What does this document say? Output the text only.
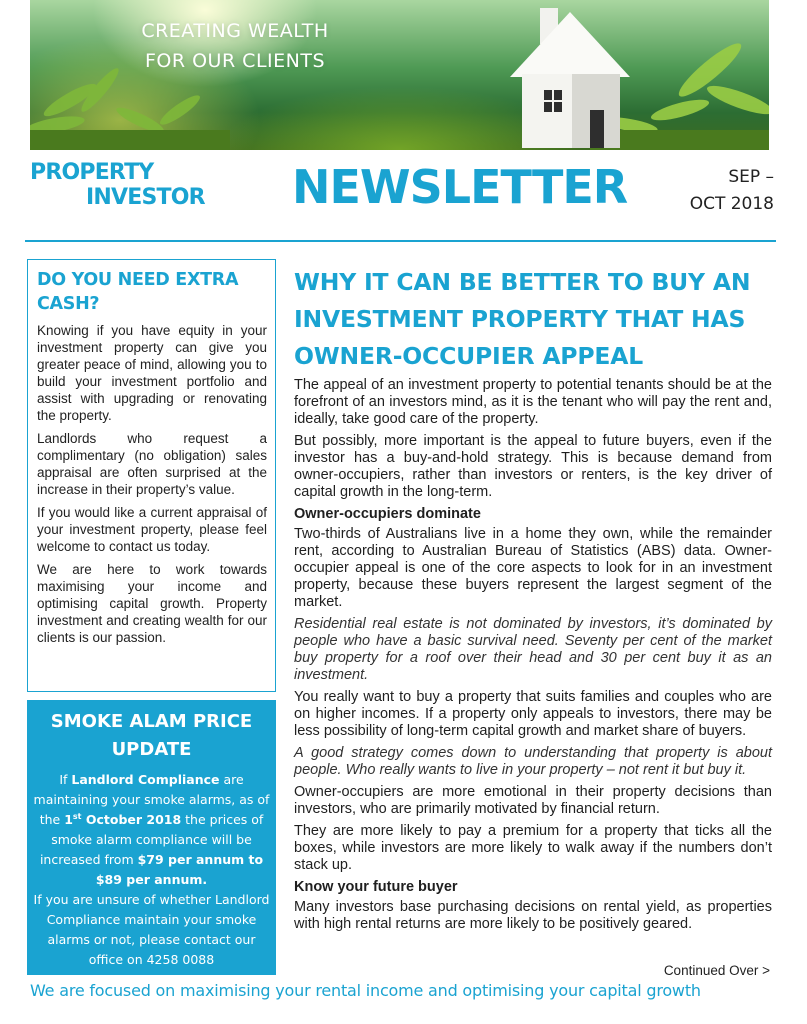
CREATING WEALTH
FOR OUR CLIENTS
PROPERTY
INVESTOR	NEWSLETTER	SEP –
OCT 2018
DO YOU NEED EXTRA CASH?

Knowing if you have equity in your investment property can give you greater peace of mind, allowing you to build your investment portfolio and assist with upgrading or renovating the property.

Landlords who request a complimentary (no obligation) sales appraisal are often surprised at the increase in their property’s value.

If you would like a current appraisal of your investment property, please feel welcome to contact us today.

We are here to work towards maximising your income and optimising capital growth. Property investment and creating wealth for our clients is our passion.

SMOKE ALAM PRICE
UPDATE

If Landlord Compliance are maintaining your smoke alarms, as of the 1st October 2018 the prices of smoke alarm compliance will be increased from $79 per annum to $89 per annum.

If you are unsure of whether Landlord Compliance maintain your smoke alarms or not, please contact our office on 4258 0088

WHY IT CAN BE BETTER TO BUY AN INVESTMENT PROPERTY THAT HAS OWNER-OCCUPIER APPEAL

The appeal of an investment property to potential tenants should be at the forefront of an investors mind, as it is the tenant who will pay the rent and, ideally, take good care of the property.

But possibly, more important is the appeal to future buyers, even if the investor has a buy-and-hold strategy. This is because demand from owner-occupiers, rather than investors or renters, is the key driver of capital growth in the long-term.

Owner-occupiers dominate

Two-thirds of Australians live in a home they own, while the remainder rent, according to Australian Bureau of Statistics (ABS) data. Owner-occupier appeal is one of the core aspects to look for in an investment property, because these buyers represent the largest segment of the market.

Residential real estate is not dominated by investors, it’s dominated by people who have a basic survival need. Seventy per cent of the market buy property for a roof over their head and 30 per cent buy it as an investment.

You really want to buy a property that suits families and couples who are on higher incomes. If a property only appeals to investors, there may be less possibility of long-term capital growth and market share of buyers.

A good strategy comes down to understanding that property is about people. Who really wants to live in your property – not rent it but buy it.

Owner-occupiers are more emotional in their property decisions than investors, who are primarily motivated by financial return.

They are more likely to pay a premium for a property that ticks all the boxes, while investors are more likely to walk away if the numbers don’t stack up.

Know your future buyer

Many investors base purchasing decisions on rental yield, as properties with high rental returns are more likely to be positively geared.

Continued Over >
We are focused on maximising your rental income and optimising your capital growth
